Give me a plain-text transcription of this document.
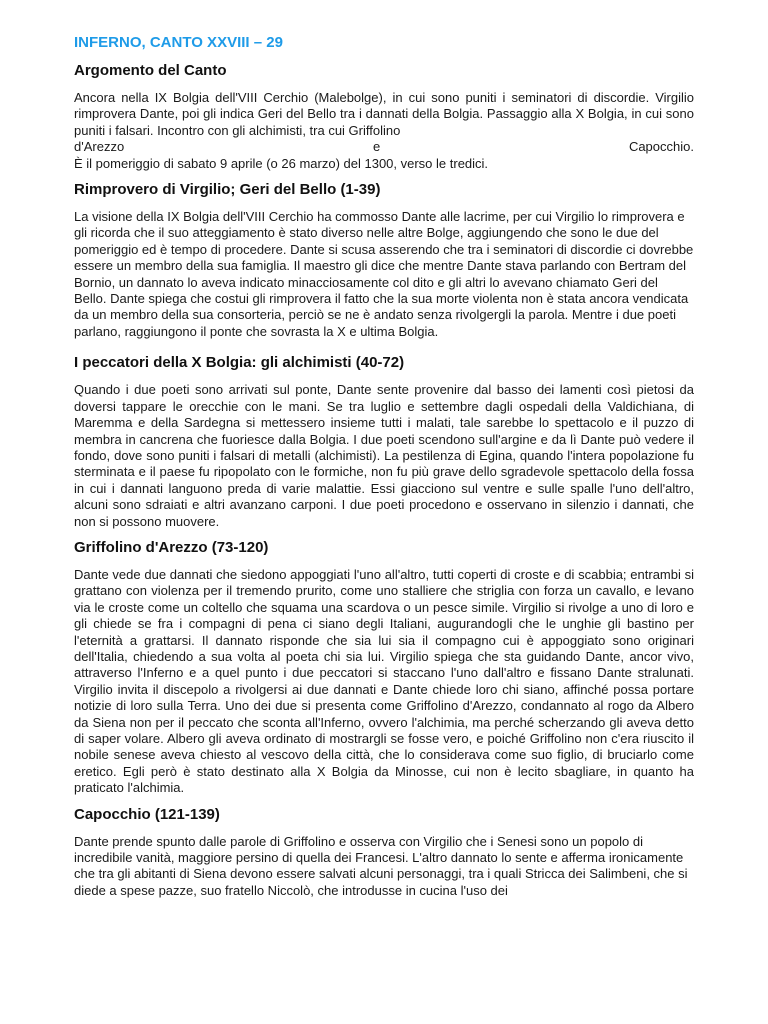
INFERNO, CANTO XXVIII – 29
Argomento del Canto
Ancora nella IX Bolgia dell'VIII Cerchio (Malebolge), in cui sono puniti i seminatori di discordie. Virgilio rimprovera Dante, poi gli indica Geri del Bello tra i dannati della Bolgia. Passaggio alla X Bolgia, in cui sono puniti i falsari. Incontro con gli alchimisti, tra cui Griffolino
d'Arezzo	e	Capocchio.
È il pomeriggio di sabato 9 aprile (o 26 marzo) del 1300, verso le tredici.
Rimprovero di Virgilio; Geri del Bello (1-39)

La visione della IX Bolgia dell'VIII Cerchio ha commosso Dante alle lacrime, per cui Virgilio lo rimprovera e gli ricorda che il suo atteggiamento è stato diverso nelle altre Bolge, aggiungendo che sono le due del pomeriggio ed è tempo di procedere. Dante si scusa asserendo che tra i seminatori di discordie ci dovrebbe essere un membro della sua famiglia. Il maestro gli dice che mentre Dante stava parlando con Bertram del Bornio, un dannato lo aveva indicato minacciosamente col dito e gli altri lo avevano chiamato Geri del Bello. Dante spiega che costui gli rimprovera il fatto che la sua morte violenta non è stata ancora vendicata da un membro della sua consorteria, perciò se ne è andato senza rivolgergli la parola. Mentre i due poeti parlano, raggiungono il ponte che sovrasta la X e ultima Bolgia.

I peccatori della X Bolgia: gli alchimisti (40-72)

Quando i due poeti sono arrivati sul ponte, Dante sente provenire dal basso dei lamenti così pietosi da doversi tappare le orecchie con le mani. Se tra luglio e settembre dagli ospedali della Valdichiana, di Maremma e della Sardegna si mettessero insieme tutti i malati, tale sarebbe lo spettacolo e il puzzo di membra in cancrena che fuoriesce dalla Bolgia. I due poeti scendono sull'argine e da lì Dante può vedere il fondo, dove sono puniti i falsari di metalli (alchimisti). La pestilenza di Egina, quando l'intera popolazione fu sterminata e il paese fu ripopolato con le formiche, non fu più grave dello sgradevole spettacolo della fossa in cui i dannati languono preda di varie malattie. Essi giacciono sul ventre e sulle spalle l'uno dell'altro, alcuni sono sdraiati e altri avanzano carponi. I due poeti procedono e osservano in silenzio i dannati, che non si possono muovere.

Griffolino d'Arezzo (73-120)

Dante vede due dannati che siedono appoggiati l'uno all'altro, tutti coperti di croste e di scabbia; entrambi si grattano con violenza per il tremendo prurito, come uno stalliere che striglia con forza un cavallo, e levano via le croste come un coltello che squama una scardova o un pesce simile. Virgilio si rivolge a uno di loro e gli chiede se fra i compagni di pena ci siano degli Italiani, augurandogli che le unghie gli bastino per l'eternità a grattarsi. Il dannato risponde che sia lui sia il compagno cui è appoggiato sono originari dell'Italia, chiedendo a sua volta al poeta chi sia lui. Virgilio spiega che sta guidando Dante, ancor vivo, attraverso l'Inferno e a quel punto i due peccatori si staccano l'uno dall'altro e fissano Dante stralunati. Virgilio invita il discepolo a rivolgersi ai due dannati e Dante chiede loro chi siano, affinché possa portare notizie di loro sulla Terra. Uno dei due si presenta come Griffolino d'Arezzo, condannato al rogo da Albero da Siena non per il peccato che sconta all'Inferno, ovvero l'alchimia, ma perché scherzando gli aveva detto di saper volare. Albero gli aveva ordinato di mostrargli se fosse vero, e poiché Griffolino non c'era riuscito il nobile senese aveva chiesto al vescovo della città, che lo considerava come suo figlio, di bruciarlo come eretico. Egli però è stato destinato alla X Bolgia da Minosse, cui non è lecito sbagliare, in quanto ha praticato l'alchimia.

Capocchio (121-139)

Dante prende spunto dalle parole di Griffolino e osserva con Virgilio che i Senesi sono un popolo di incredibile vanità, maggiore persino di quella dei Francesi. L'altro dannato lo sente e afferma ironicamente che tra gli abitanti di Siena devono essere salvati alcuni personaggi, tra i quali Stricca dei Salimbeni, che si diede a spese pazze, suo fratello Niccolò, che introdusse in cucina l'uso dei
